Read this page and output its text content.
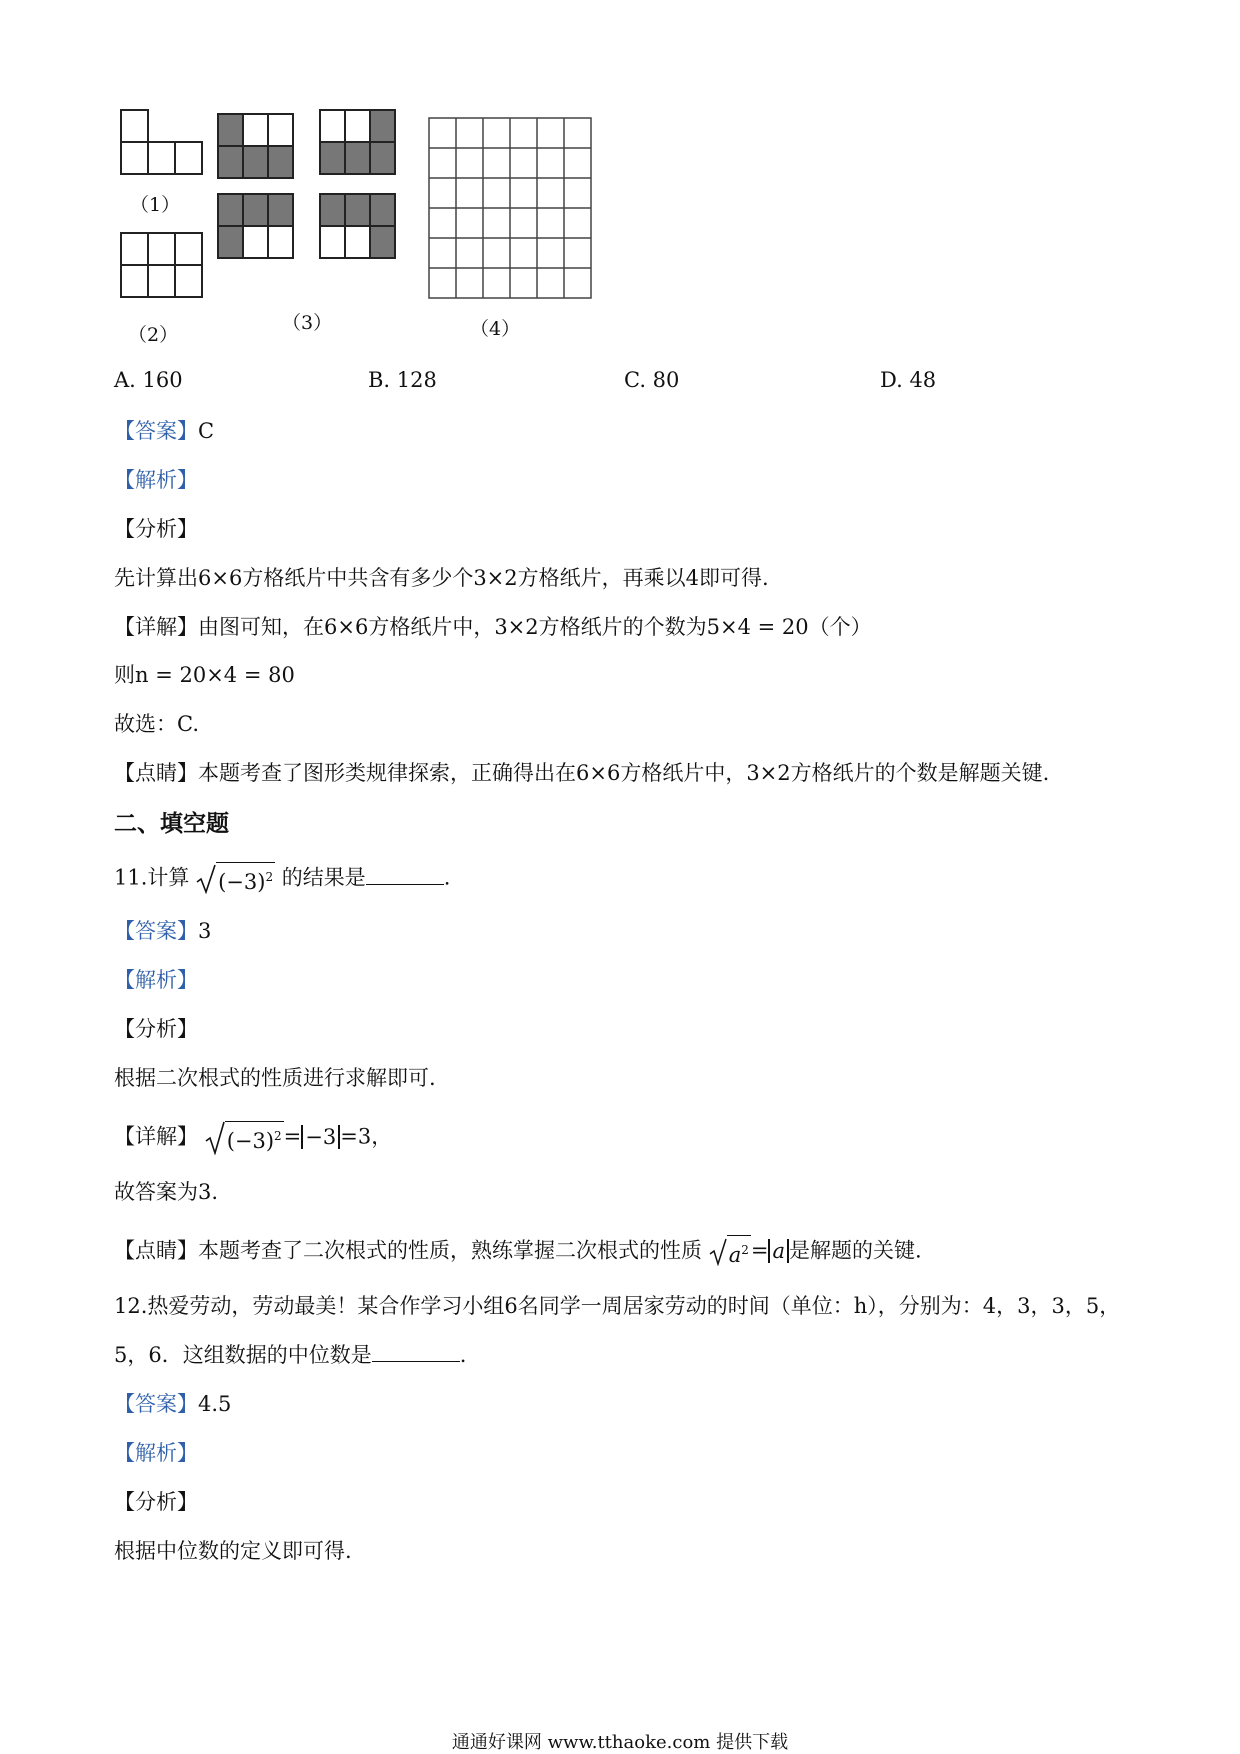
（1）
（2）
（3）	（4）
A. 160	B. 128	C. 80	D. 48
【答案】C
【解析】
【分析】
先计算出6×6方格纸片中共含有多少个3×2方格纸片，再乘以4即可得.
【详解】由图可知，在6×6方格纸片中，3×2方格纸片的个数为5×4 = 20（个）
则n = 20×4 = 80
故选：C.
【点睛】本题考查了图形类规律探索，正确得出在6×6方格纸片中，3×2方格纸片的个数是解题关键.
二、填空题
11.计算 $(-3)^2$ 的结果是	.
【答案】3
【解析】
【分析】
根据二次根式的性质进行求解即可.
【详解】 $(-3)^2 = -3 =3$，
故答案为3.
【点睛】本题考查了二次根式的性质，熟练掌握二次根式的性质 $a^2 = a$ 是解题的关键.
12.热爱劳动，劳动最美！某合作学习小组6名同学一周居家劳动的时间（单位：h），分别为：4，3，3，5，
5，6．这组数据的中位数是	.
【答案】4.5
【解析】
【分析】
根据中位数的定义即可得.
通通好课网 www.tthaoke.com 提供下载
